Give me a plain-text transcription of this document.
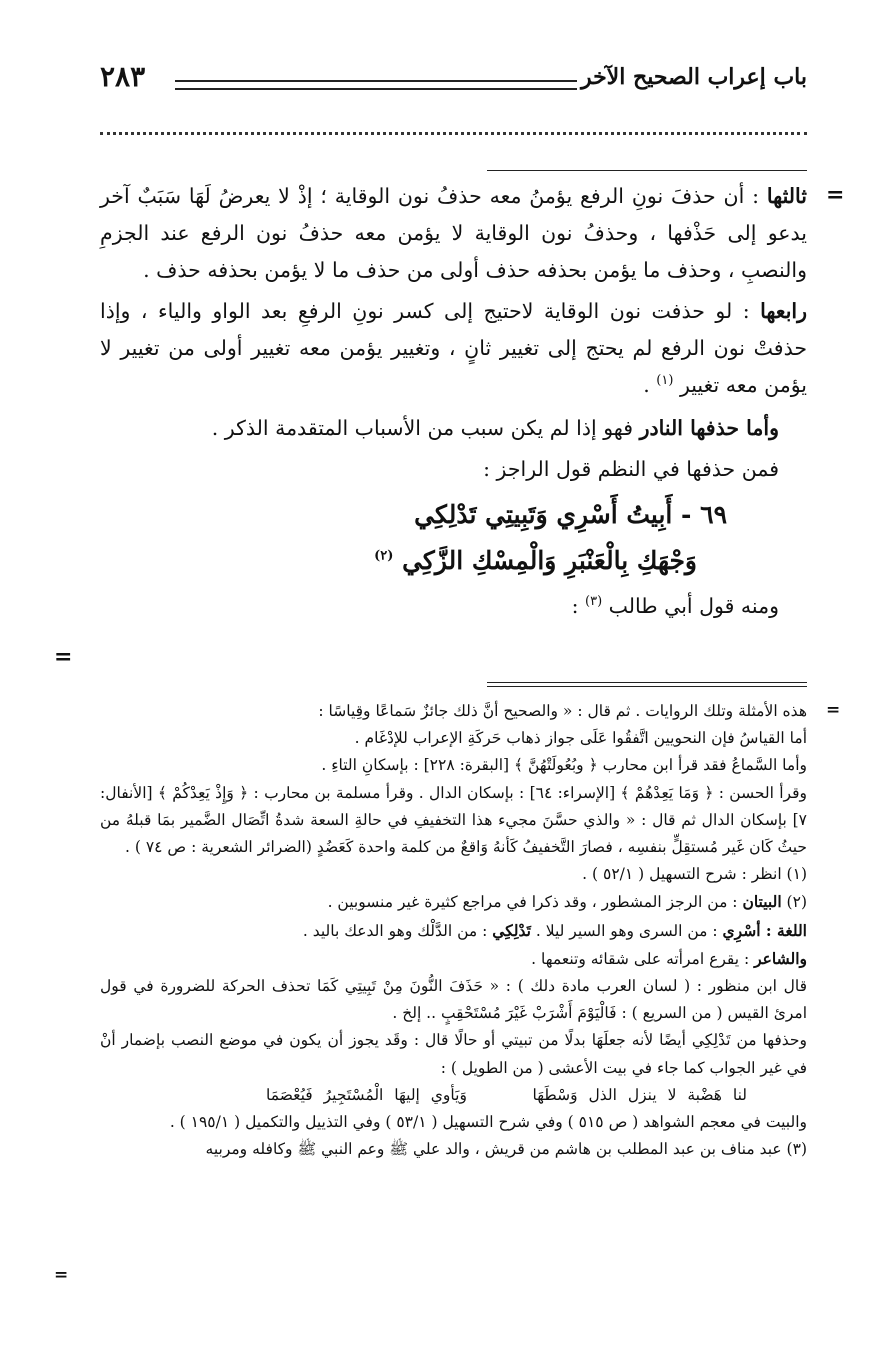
باب إعراب الصحيح الآخر
٢٨٣
=
=
=
=

ثالثها : أن حذفَ نونِ الرفع يؤمنُ معه حذفُ نون الوقاية ؛ إذْ لا يعرضُ لَهَا سَبَبٌ آخر يدعو إلى حَذْفها ، وحذفُ نون الوقاية لا يؤمن معه حذفُ نون الرفع عند الجزمِ والنصبِ ، وحذف ما يؤمن بحذفه حذف أولى من حذف ما لا يؤمن بحذفه حذف .

رابعها : لو حذفت نون الوقاية لاحتيج إلى كسر نونِ الرفعِ بعد الواو والياء ، وإذا حذفتْ نون الرفع لم يحتج إلى تغيير ثانٍ ، وتغيير يؤمن معه تغيير أولى من تغيير لا يؤمن معه تغيير $^{(١)}$ .

وأما حذفها النادر فهو إذا لم يكن سبب من الأسباب المتقدمة الذكر .

فمن حذفها في النظم قول الراجز :

٦٩ - أَبِيتُ أَسْرِي وَتَبِيتِي تَدْلِكِي

وَجْهَكِ بِالْعَنْبَرِ وَالْمِسْكِ الزَّكِي $^{(٢)}$

ومنه قول أبي طالب $^{(٣)}$ :

هذه الأمثلة وتلك الروايات . ثم قال : « والصحيح أنَّ ذلك جائزٌ سَماعًا وقِياسًا :

أما القياسُ فإن النحويين اتَّفقُوا عَلَى جواز ذهاب حَركَةِ الإعراب للإدْغَام .

وأما السَّماعُ فقد قرأ ابن محارب ﴿ وبُعُولَتْهُنَّ ﴾ [البقرة: ٢٢٨] : بإسكانِ التاءِ .

وقرأ الحسن : ﴿ وَمَا يَعِدْهُمْ ﴾ [الإسراء: ٦٤] : بإسكان الدال . وقرأ مسلمة بن محارب : ﴿ وَإِذْ يَعِدْكُمْ ﴾ [الأنفال: ٧] بإسكان الدال ثم قال : « والذي حسَّنَ مجيء هذا التخفيفِ في حالةِ السعة شدةُ اتِّصَال الضَّمير بمَا قبلهُ من حيثُ كَان غَير مُستقِلٍّ بنفسِه ، فصارَ التَّخفيفُ كَأنهُ وَاقعٌ من كلمة واحدة كَعَضُدٍ (الضرائر الشعرية : ص ٧٤ ) .

(١) انظر : شرح التسهيل ( ٥٢/١ ) .

(٢) البيتان : من الرجز المشطور ، وقد ذكرا في مراجع كثيرة غير منسوبين .

اللغة : أسْرِي : من السرى وهو السير ليلا . تَدْلِكِي : من الدَّلْك وهو الدعك باليد .

والشاعر : يقرع امرأته على شقائه وتنعمها .

قال ابن منظور : ( لسان العرب مادة دلك ) : « حَذَفَ النُّونَ مِنْ تَبِيتِي كَمَا تحذف الحركة للضرورة في قول امرئ القيس ( من السريع ) : فَالْيَوْمَ أَشْرَبْ غَيْرَ مُسْتَحْقِبٍ .. إلخ .

وحذفها من تَدْلِكِي أيضًا لأنه جعلَهَا بدلًا من تبيتي أو حالًا قال : وقَد يجوز أن يكون في موضع النصب بإضمار أنْ في غير الجواب كما جاء في بيت الأعشى ( من الطويل ) :

لنا هَضْبة لا ينزل الذل وَسْطَهَا      وَيَأوي إليهَا الْمُسْتَجِيرُ فَيُعْصَمَا

والبيت في معجم الشواهد ( ص ٥١٥ ) وفي شرح التسهيل ( ٥٣/١ ) وفي التذييل والتكميل ( ١٩٥/١ ) .

(٣) عبد مناف بن عبد المطلب بن هاشم من قريش ، والد علي ﷺ وعم النبي ﷺ وكافله ومربيه
